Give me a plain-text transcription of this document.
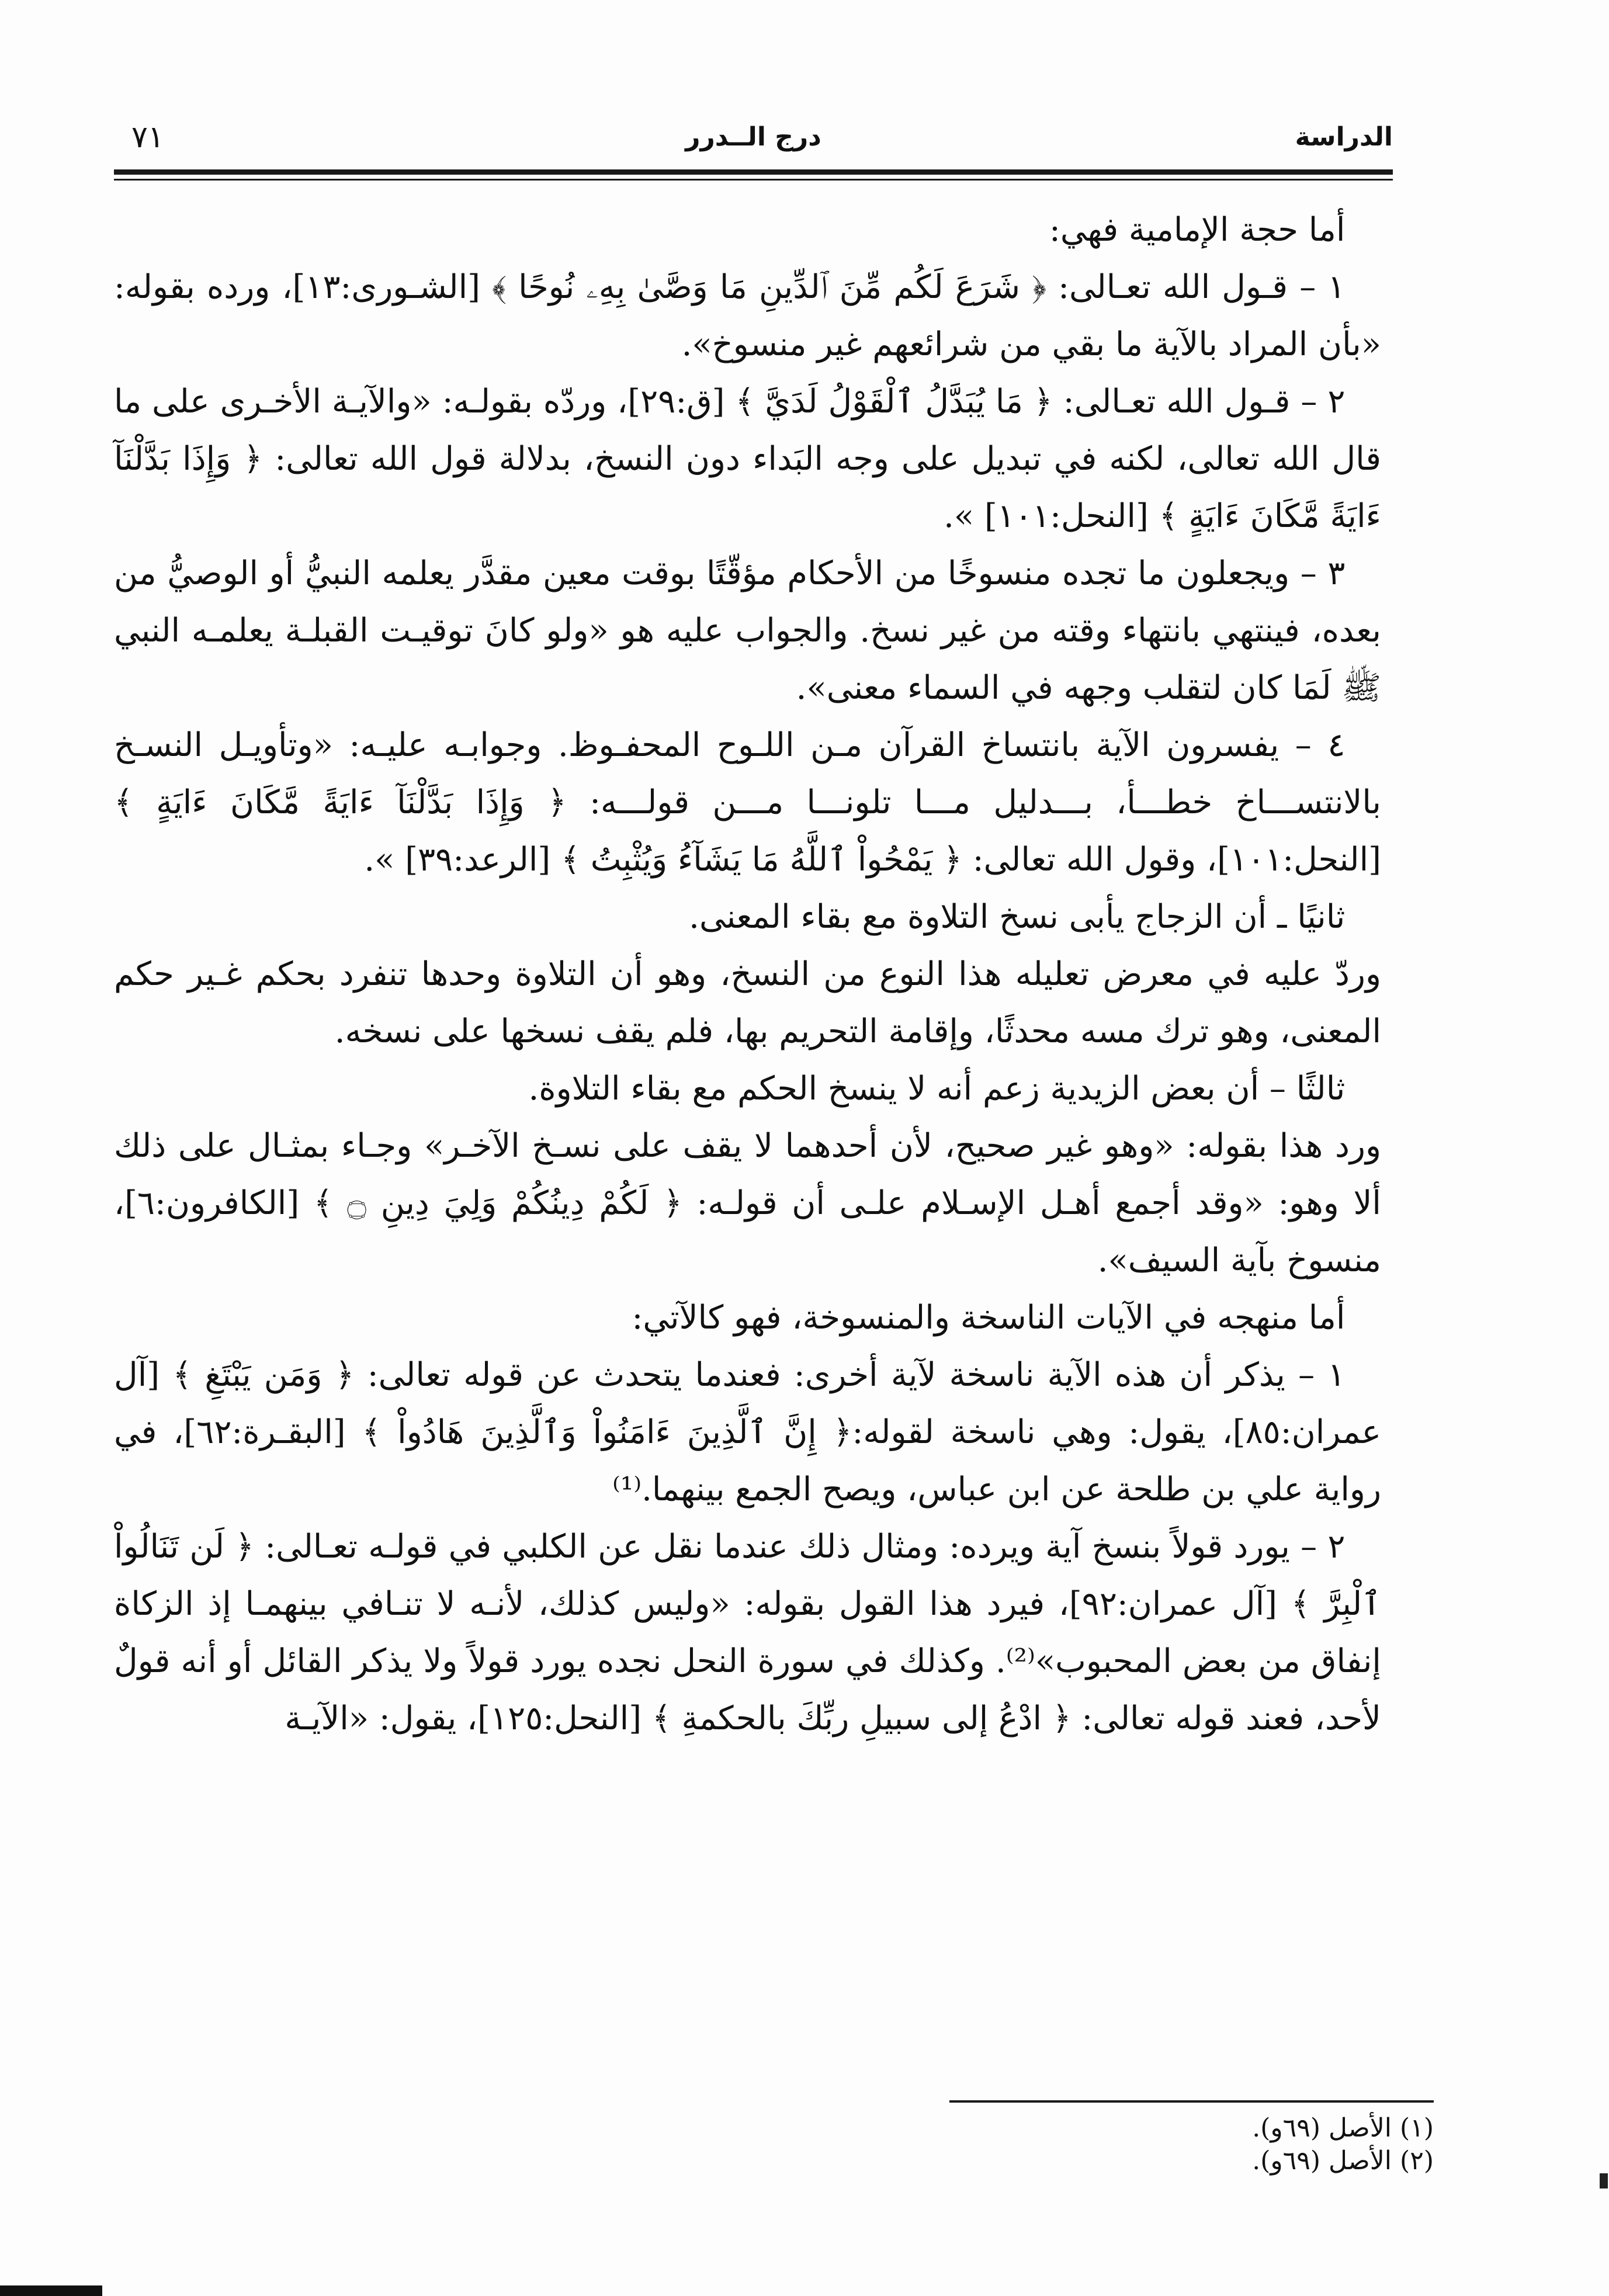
الدراسة
درج الــدرر
٧١

أما حجة الإمامية فهي:

١ – قـول الله تعـالى: ﴿ شَرَعَ لَكُم مِّنَ ٱلدِّينِ مَا وَصَّىٰ بِهِۦ نُوحًا ﴾ [الشـورى:١٣]، ورده بقوله: «بأن المراد بالآية ما بقي من شرائعهم غير منسوخ».

٢ – قـول الله تعـالى: ﴿ مَا يُبَدَّلُ ٱلْقَوْلُ لَدَيَّ ﴾ [ق:٢٩]، وردّه بقولـه: «والآيـة الأخـرى على ما قال الله تعالى، لكنه في تبديل على وجه البَداء دون النسخ، بدلالة قول الله تعالى: ﴿ وَإِذَا بَدَّلْنَآ ءَايَةً مَّكَانَ ءَايَةٍ ﴾ [النحل:١٠١] ».

٣ – ويجعلون ما تجده منسوخًا من الأحكام مؤقّتًا بوقت معين مقدَّر يعلمه النبيُّ أو الوصيُّ من بعده، فينتهي بانتهاء وقته من غير نسخ. والجواب عليه هو «ولو كانَ توقيـت القبلـة يعلمـه النبي ﷺ لَمَا كان لتقلب وجهه في السماء معنى».

٤ – يفسرون الآية بانتساخ القرآن مـن اللـوح المحفـوظ. وجوابـه عليـه: «وتأويـل النسـخ بالانتســـاخ خطـــأ، بـــدليل مـــا تلونـــا مـــن قولـــه: ﴿ وَإِذَا بَدَّلْنَآ ءَايَةً مَّكَانَ ءَايَةٍ ﴾ [النحل:١٠١]، وقول الله تعالى: ﴿ يَمْحُواْ ٱللَّهُ مَا يَشَآءُ وَيُثْبِتُ ﴾ [الرعد:٣٩] ».

ثانيًا ـ أن الزجاج يأبى نسخ التلاوة مع بقاء المعنى.

وردّ عليه في معرض تعليله هذا النوع من النسخ، وهو أن التلاوة وحدها تنفرد بحكم غـير حكم المعنى، وهو ترك مسه محدثًا، وإقامة التحريم بها، فلم يقف نسخها على نسخه.

ثالثًا – أن بعض الزيدية زعم أنه لا ينسخ الحكم مع بقاء التلاوة.

ورد هذا بقوله: «وهو غير صحيح، لأن أحدهما لا يقف على نسـخ الآخـر» وجـاء بمثـال على ذلك ألا وهو: «وقد أجمع أهـل الإسـلام علـى أن قولـه: ﴿ لَكُمْ دِينُكُمْ وَلِيَ دِينِ ۝ ﴾ [الكافرون:٦]، منسوخ بآية السيف».

أما منهجه في الآيات الناسخة والمنسوخة، فهو كالآتي:

١ – يذكر أن هذه الآية ناسخة لآية أخرى: فعندما يتحدث عن قوله تعالى: ﴿ وَمَن يَبْتَغِ ﴾ [آل عمران:٨٥]، يقول: وهي ناسخة لقوله:﴿ إِنَّ ٱلَّذِينَ ءَامَنُواْ وَٱلَّذِينَ هَادُواْ ﴾ [البقـرة:٦٢]، في رواية علي بن طلحة عن ابن عباس، ويصح الجمع بينهما.⁽¹⁾

٢ – يورد قولاً بنسخ آية ويرده: ومثال ذلك عندما نقل عن الكلبي في قولـه تعـالى: ﴿ لَن تَنَالُواْ ٱلْبِرَّ ﴾ [آل عمران:٩٢]، فيرد هذا القول بقوله: «وليس كذلك، لأنـه لا تنـافي بينهمـا إذ الزكاة إنفاق من بعض المحبوب»⁽²⁾. وكذلك في سورة النحل نجده يورد قولاً ولا يذكر القائل أو أنه قولٌ لأحد، فعند قوله تعالى: ﴿ ادْعُ إلى سبيلِ ربِّكَ بالحكمةِ ﴾ [النحل:١٢٥]، يقول: «الآيـة

(١) الأصل (٦٩و).
(٢) الأصل (٦٩و).
